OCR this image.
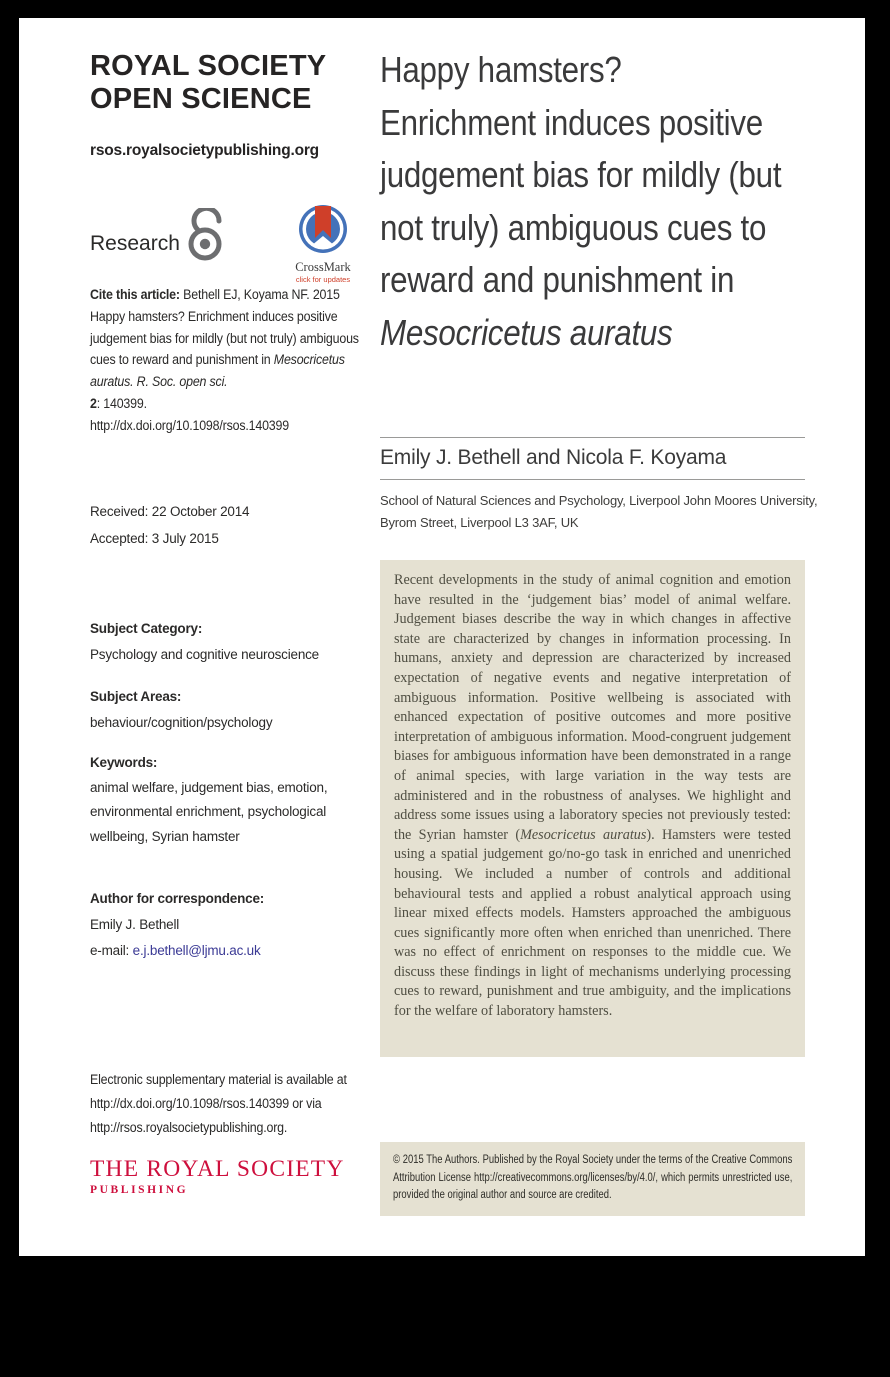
ROYAL SOCIETY
OPEN SCIENCE
rsos.royalsocietypublishing.org
Research
CrossMark
click for updates
Cite this article: Bethell EJ, Koyama NF. 2015 Happy hamsters? Enrichment induces positive judgement bias for mildly (but not truly) ambiguous cues to reward and punishment in Mesocricetus auratus. R. Soc. open sci.
2: 140399.
http://dx.doi.org/10.1098/rsos.140399
Received: 22 October 2014
Accepted: 3 July 2015
Subject Category:
Psychology and cognitive neuroscience
Subject Areas:
behaviour/cognition/psychology
Keywords:
animal welfare, judgement bias, emotion, environmental enrichment, psychological wellbeing, Syrian hamster
Author for correspondence:
Emily J. Bethell
e-mail: e.j.bethell@ljmu.ac.uk
Electronic supplementary material is available at http://dx.doi.org/10.1098/rsos.140399 or via http://rsos.royalsocietypublishing.org.
THE ROYAL SOCIETY
PUBLISHING
Happy hamsters?
Enrichment induces positive judgement bias for mildly (but not truly) ambiguous cues to reward and punishment in Mesocricetus auratus
Emily J. Bethell and Nicola F. Koyama
School of Natural Sciences and Psychology, Liverpool John Moores University,
Byrom Street, Liverpool L3 3AF, UK
Recent developments in the study of animal cognition and emotion have resulted in the ‘judgement bias’ model of animal welfare. Judgement biases describe the way in which changes in affective state are characterized by changes in information processing. In humans, anxiety and depression are characterized by increased expectation of negative events and negative interpretation of ambiguous information. Positive wellbeing is associated with enhanced expectation of positive outcomes and more positive interpretation of ambiguous information. Mood-congruent judgement biases for ambiguous information have been demonstrated in a range of animal species, with large variation in the way tests are administered and in the robustness of analyses. We highlight and address some issues using a laboratory species not previously tested: the Syrian hamster (Mesocricetus auratus). Hamsters were tested using a spatial judgement go/no-go task in enriched and unenriched housing. We included a number of controls and additional behavioural tests and applied a robust analytical approach using linear mixed effects models. Hamsters approached the ambiguous cues significantly more often when enriched than unenriched. There was no effect of enrichment on responses to the middle cue. We discuss these findings in light of mechanisms underlying processing cues to reward, punishment and true ambiguity, and the implications for the welfare of laboratory hamsters.
© 2015 The Authors. Published by the Royal Society under the terms of the Creative Commons Attribution License http://creativecommons.org/licenses/by/4.0/, which permits unrestricted use, provided the original author and source are credited.
